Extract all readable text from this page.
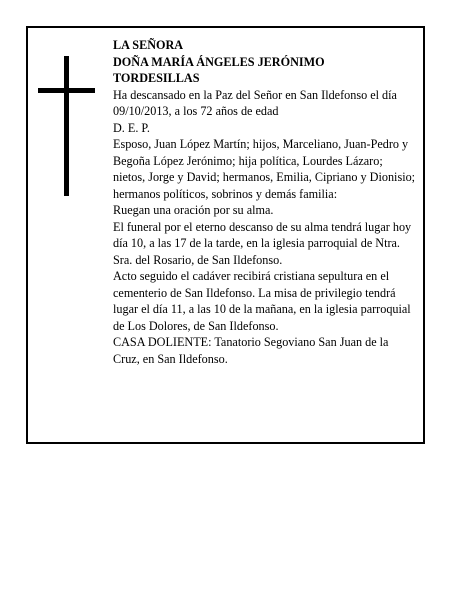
LA SEÑORA

DOÑA MARÍA ÁNGELES JERÓNIMO

TORDESILLAS

Ha descansado en la Paz del Señor en San Ildefonso el día 09/10/2013, a los 72 años de edad

D. E. P.

Esposo, Juan López Martín; hijos, Marceliano, Juan-Pedro y Begoña López Jerónimo; hija política, Lourdes Lázaro; nietos, Jorge y David; hermanos, Emilia, Cipriano y Dionisio; hermanos políticos, sobrinos y demás familia:

Ruegan una oración por su alma.

El funeral por el eterno descanso de su alma tendrá lugar hoy día 10, a las 17 de la tarde, en la iglesia parroquial de Ntra. Sra. del Rosario, de San Ildefonso.

Acto seguido el cadáver recibirá cristiana sepultura en el cementerio de San Ildefonso. La misa de privilegio tendrá lugar el día 11, a las 10 de la mañana, en la iglesia parroquial de Los Dolores, de San Ildefonso.

CASA DOLIENTE: Tanatorio Segoviano San Juan de la Cruz, en San Ildefonso.
